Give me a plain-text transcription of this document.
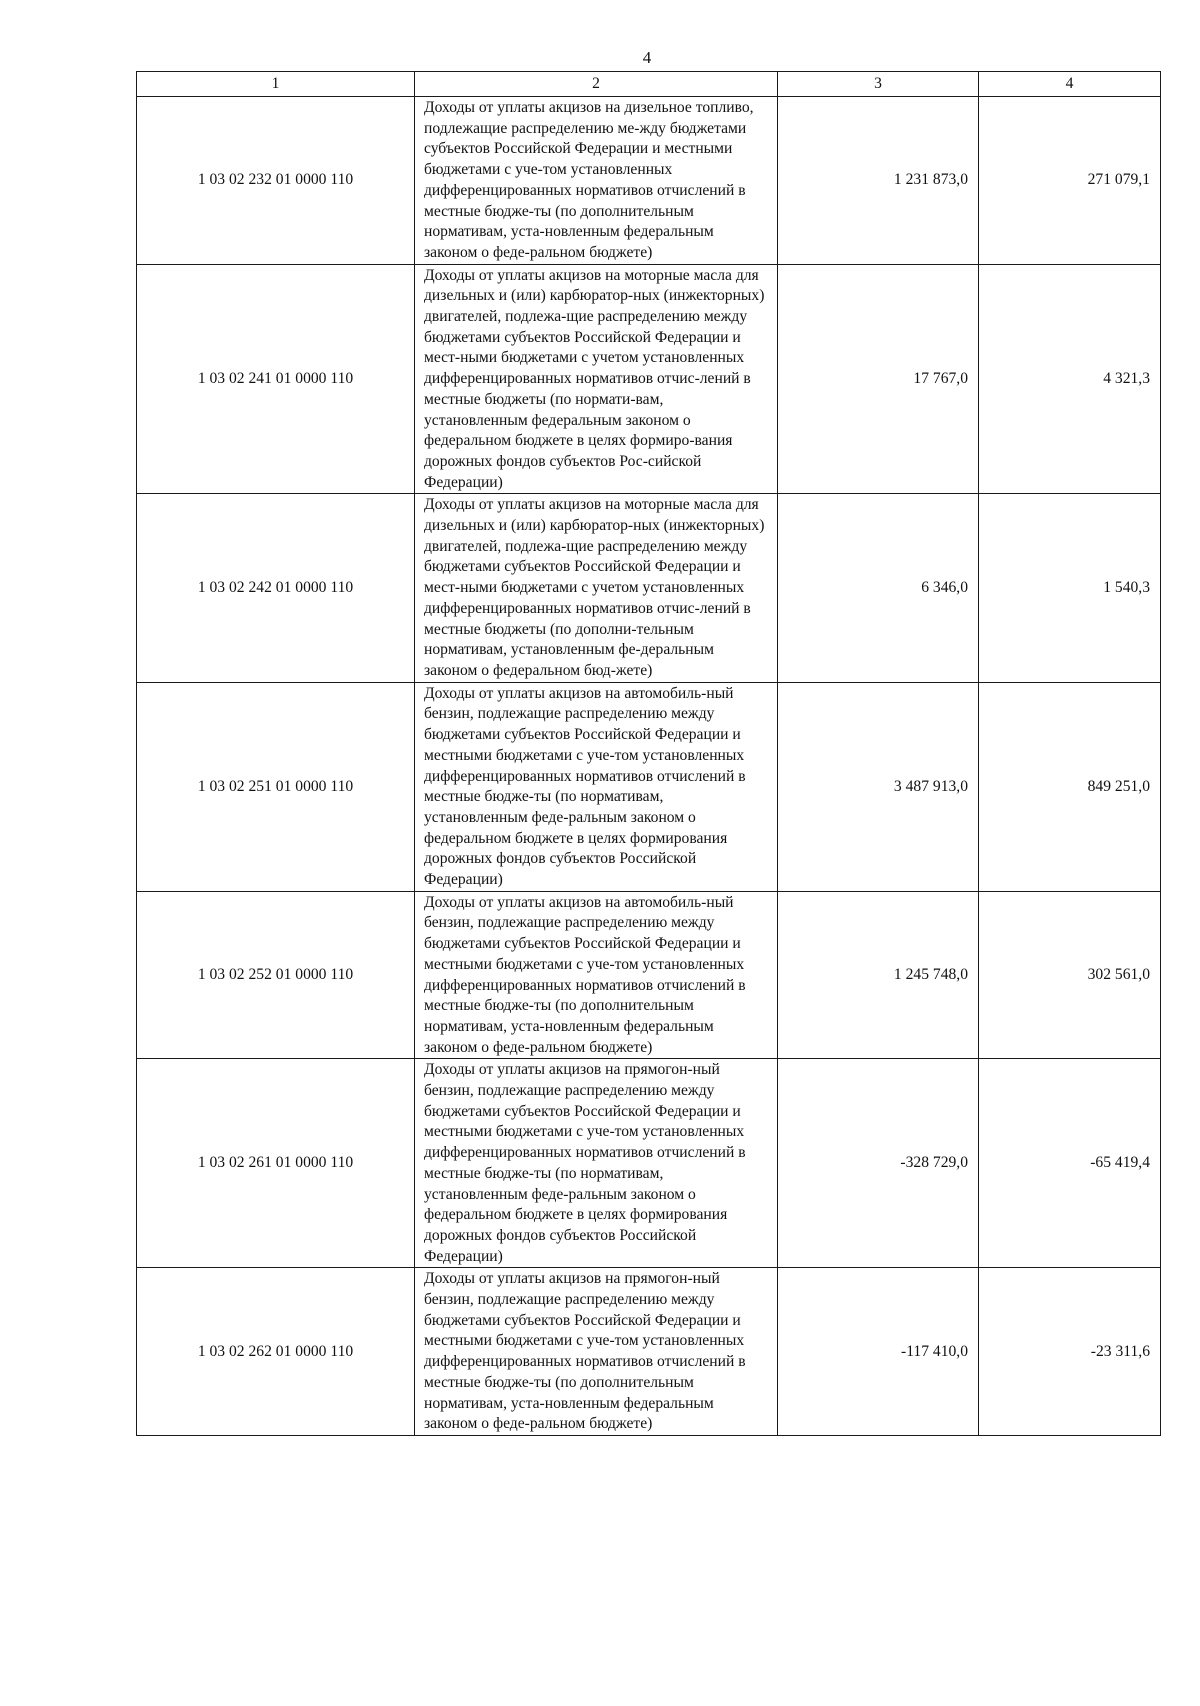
4
1	2	3	4
1 03 02 232 01 0000 110	Доходы от уплаты акцизов на дизельное топливо, подлежащие распределению ме-жду бюджетами субъектов Российской Федерации и местными бюджетами с уче-том установленных дифференцированных нормативов отчислений в местные бюдже-ты (по дополнительным нормативам, уста-новленным федеральным законом о феде-ральном бюджете)	1 231 873,0	271 079,1
1 03 02 241 01 0000 110	Доходы от уплаты акцизов на моторные масла для дизельных и (или) карбюратор-ных (инжекторных) двигателей, подлежа-щие распределению между бюджетами субъектов Российской Федерации и мест-ными бюджетами с учетом установленных дифференцированных нормативов отчис-лений в местные бюджеты (по нормати-вам, установленным федеральным законом о федеральном бюджете в целях формиро-вания дорожных фондов субъектов Рос-сийской Федерации)	17 767,0	4 321,3
1 03 02 242 01 0000 110	Доходы от уплаты акцизов на моторные масла для дизельных и (или) карбюратор-ных (инжекторных) двигателей, подлежа-щие распределению между бюджетами субъектов Российской Федерации и мест-ными бюджетами с учетом установленных дифференцированных нормативов отчис-лений в местные бюджеты (по дополни-тельным нормативам, установленным фе-деральным законом о федеральном бюд-жете)	6 346,0	1 540,3
1 03 02 251 01 0000 110	Доходы от уплаты акцизов на автомобиль-ный бензин, подлежащие распределению между бюджетами субъектов Российской Федерации и местными бюджетами с уче-том установленных дифференцированных нормативов отчислений в местные бюдже-ты (по нормативам, установленным феде-ральным законом о федеральном бюджете в целях формирования дорожных фондов субъектов Российской Федерации)	3 487 913,0	849 251,0
1 03 02 252 01 0000 110	Доходы от уплаты акцизов на автомобиль-ный бензин, подлежащие распределению между бюджетами субъектов Российской Федерации и местными бюджетами с уче-том установленных дифференцированных нормативов отчислений в местные бюдже-ты (по дополнительным нормативам, уста-новленным федеральным законом о феде-ральном бюджете)	1 245 748,0	302 561,0
1 03 02 261 01 0000 110	Доходы от уплаты акцизов на прямогон-ный бензин, подлежащие распределению между бюджетами субъектов Российской Федерации и местными бюджетами с уче-том установленных дифференцированных нормативов отчислений в местные бюдже-ты (по нормативам, установленным феде-ральным законом о федеральном бюджете в целях формирования дорожных фондов субъектов Российской Федерации)	-328 729,0	-65 419,4
1 03 02 262 01 0000 110	Доходы от уплаты акцизов на прямогон-ный бензин, подлежащие распределению между бюджетами субъектов Российской Федерации и местными бюджетами с уче-том установленных дифференцированных нормативов отчислений в местные бюдже-ты (по дополнительным нормативам, уста-новленным федеральным законом о феде-ральном бюджете)	-117 410,0	-23 311,6
